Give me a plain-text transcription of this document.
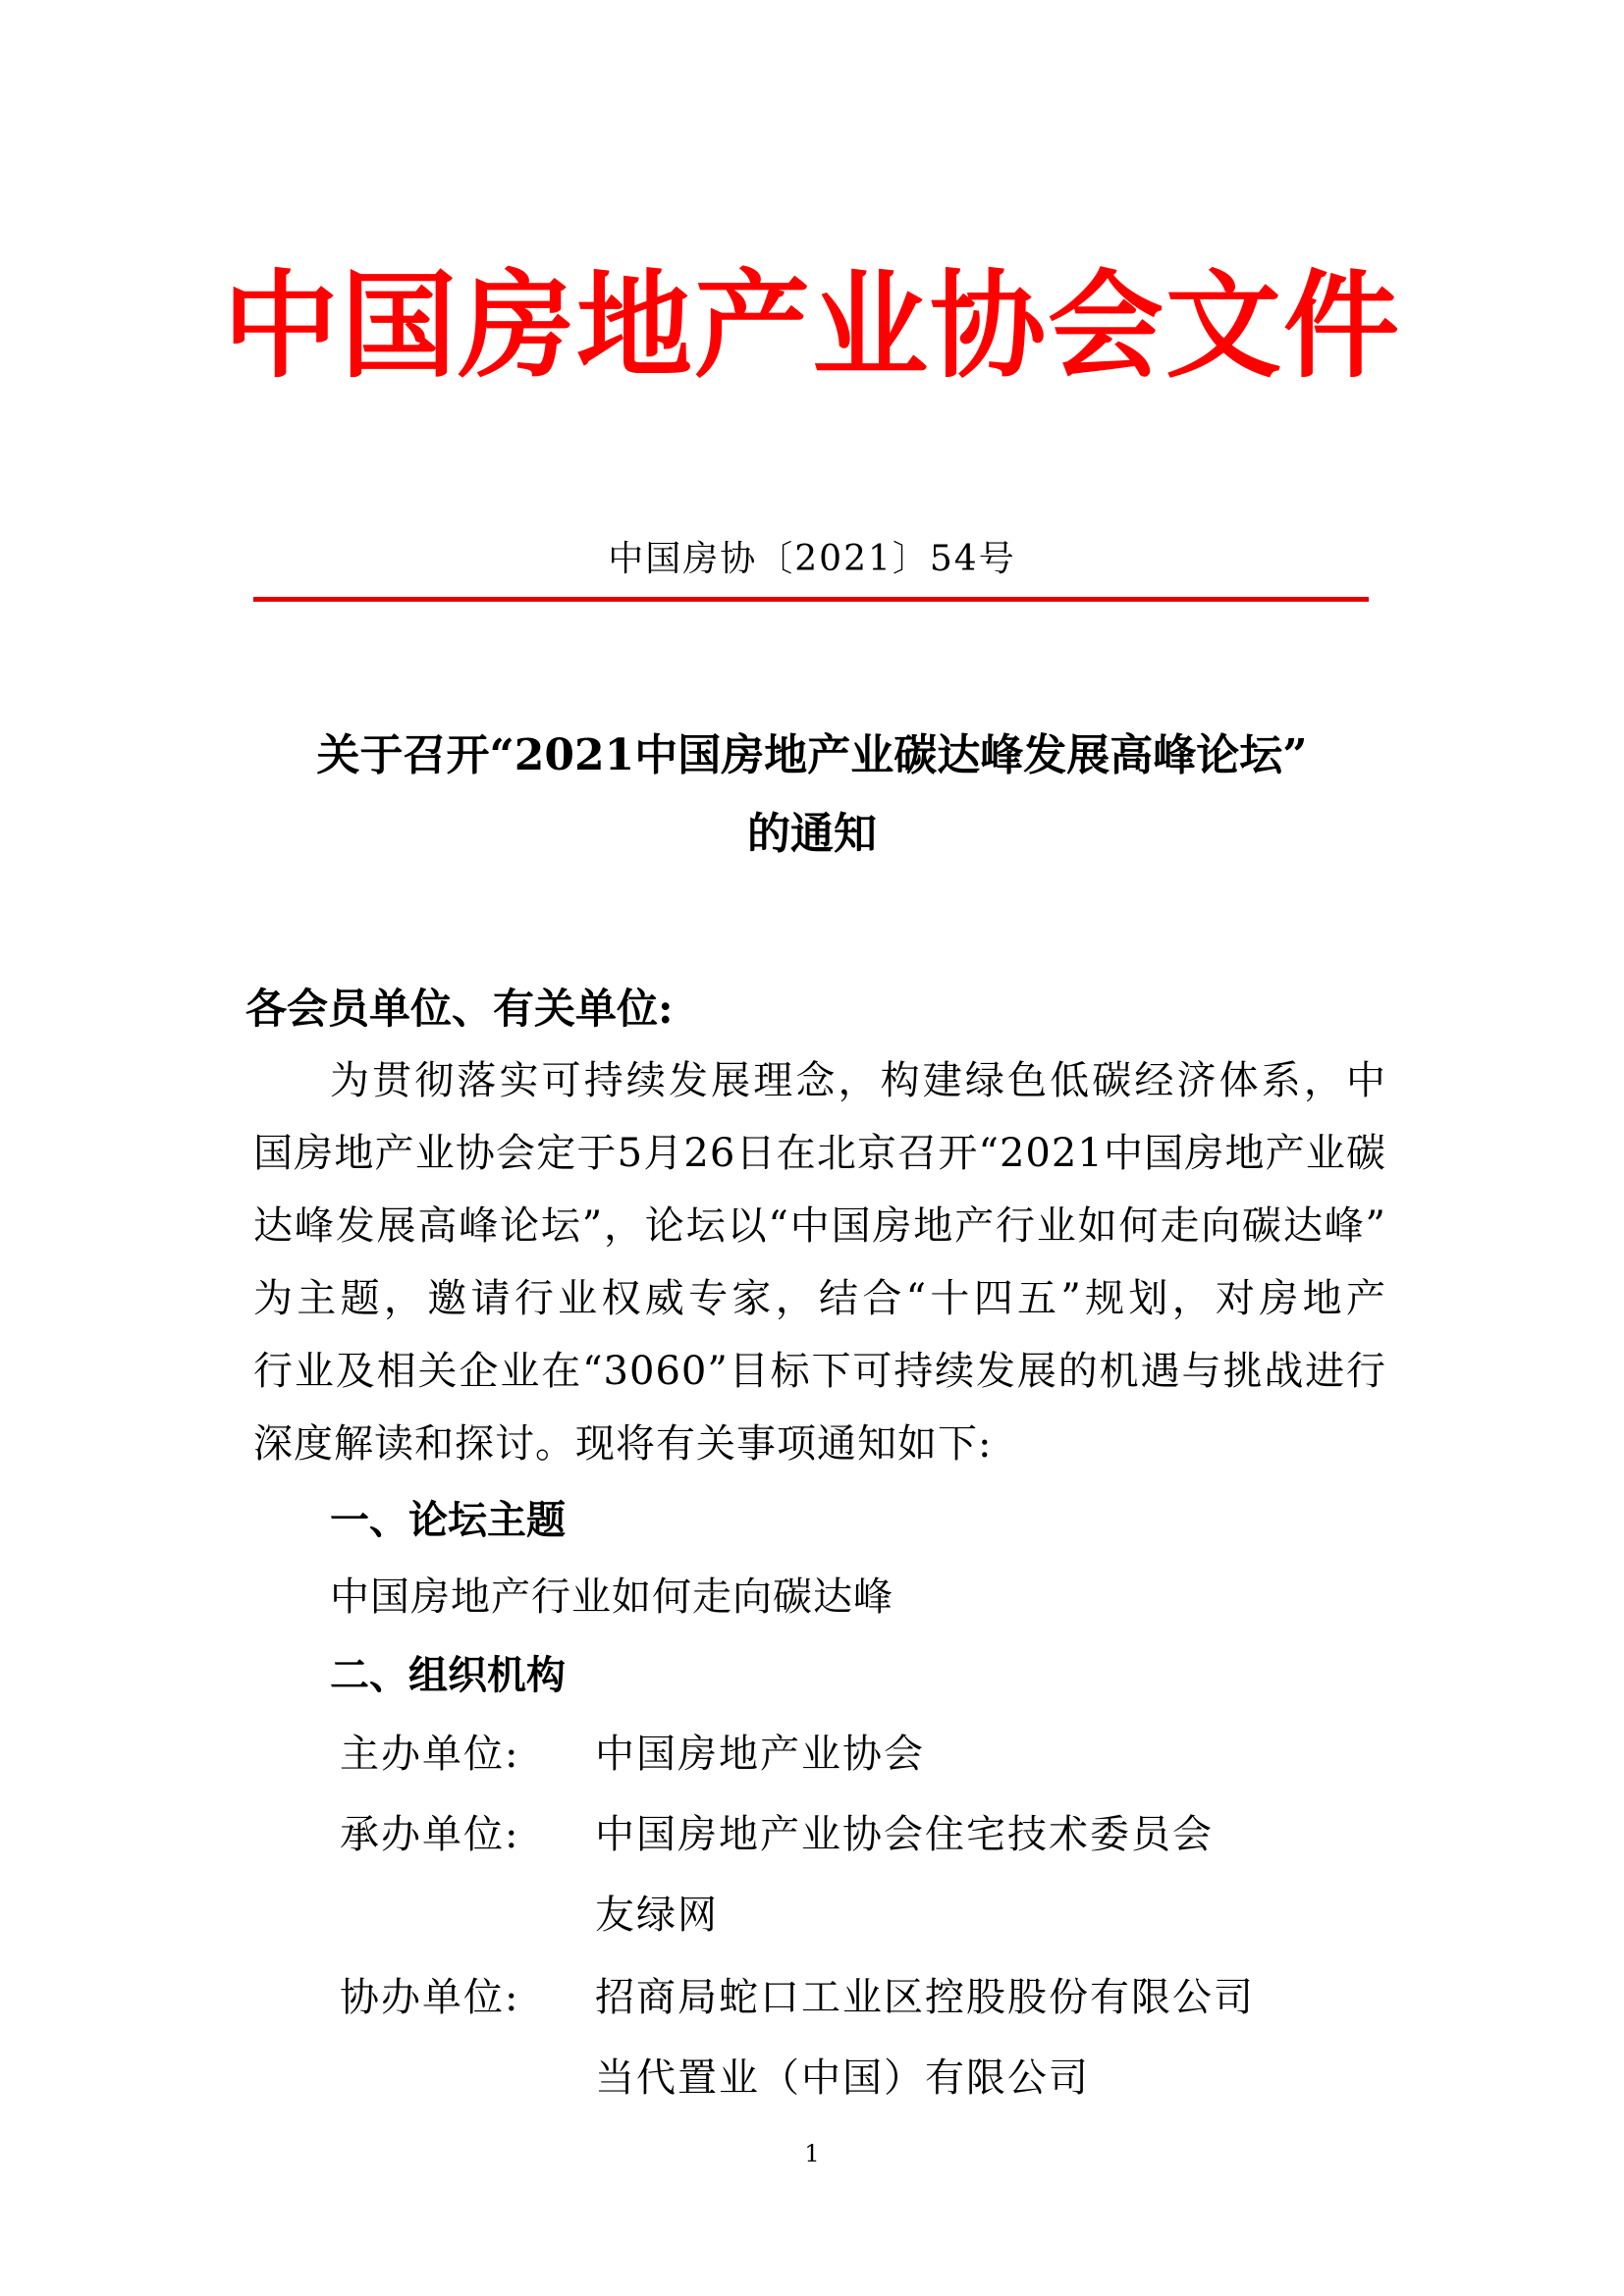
中国房地产业协会文件
中国房协〔2021〕54号
关于召开“2021中国房地产业碳达峰发展高峰论坛”
的通知
各会员单位、有关单位:
为贯彻落实可持续发展理念，构建绿色低碳经济体系，中
国房地产业协会定于5月26日在北京召开“2021中国房地产业碳
达峰发展高峰论坛”，论坛以“中国房地产行业如何走向碳达峰”
为主题，邀请行业权威专家，结合“十四五”规划，对房地产
行业及相关企业在“3060”目标下可持续发展的机遇与挑战进行
深度解读和探讨。现将有关事项通知如下:
一、论坛主题
中国房地产行业如何走向碳达峰
二、组织机构
主办单位: 中国房地产业协会
承办单位: 中国房地产业协会住宅技术委员会
友绿网
协办单位: 招商局蛇口工业区控股股份有限公司
当代置业（中国）有限公司
1
